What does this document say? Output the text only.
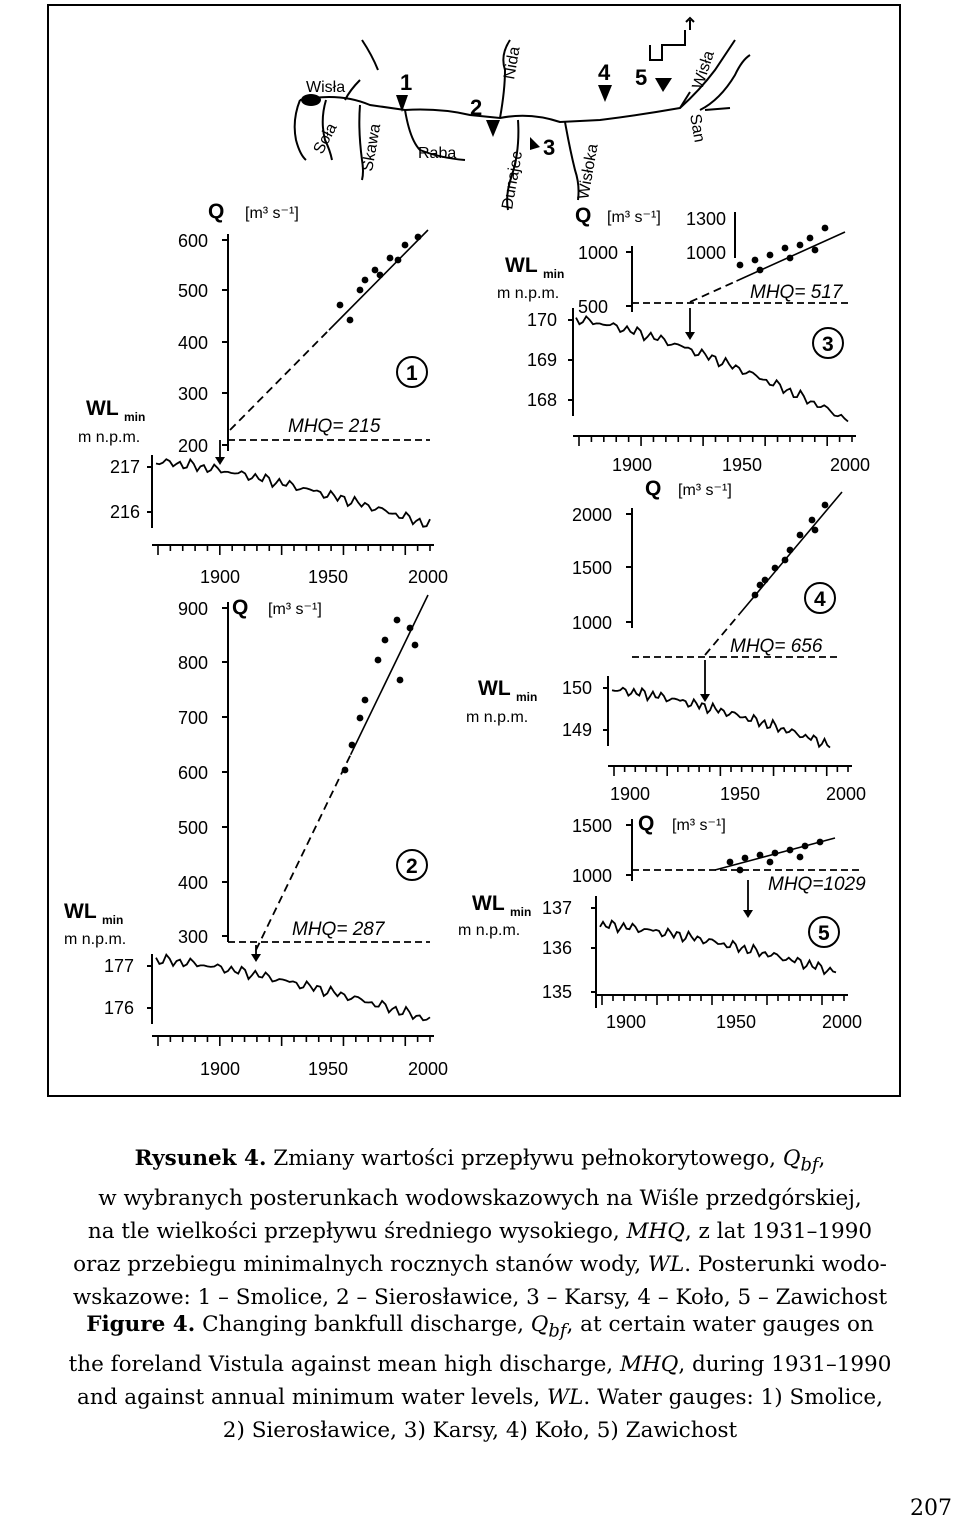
Wisła
Soła Skawa Raba
Nida
Dunajec	Wisłoka
Wisła
San
1
2
3
4 5
600
500
400
300
200
Q [m³ s⁻¹]
WL min
m n.p.m.
217
216
1900	1950	2000
MHQ= 215
1
900
800
700
600
500
400
300
Q [m³ s⁻¹]
WL min
m n.p.m.
177
176
1900	1950	2000
MHQ= 287
2
1000
500
1300
1000
Q [m³ s⁻¹]
WL min
m n.p.m.
170
169
168
1900	1950	2000
MHQ= 517
3
2000
1500
1000
Q [m³ s⁻¹]
WL min
m n.p.m.
150
149
1900	1950	2000
MHQ= 656
4
1500
1000
Q [m³ s⁻¹]
WL min
m n.p.m.
137
136
135
1900	1950	2000
MHQ=1029
5
Rysunek 4. Zmiany wartości przepływu pełnokorytowego, $Q_{bf}$,
w wybranych posterunkach wodowskazowych na Wiśle przedgórskiej,
na tle wielkości przepływu średniego wysokiego, MHQ, z lat 1931–1990
oraz przebiegu minimalnych rocznych stanów wody, WL. Posterunki wodo-
wskazowe: 1 – Smolice, 2 – Sierosławice, 3 – Karsy, 4 – Koło, 5 – Zawichost
Figure 4. Changing bankfull discharge, $Q_{bf}$, at certain water gauges on
the foreland Vistula against mean high discharge, MHQ, during 1931–1990
and against annual minimum water levels, WL. Water gauges: 1) Smolice,
2) Sierosławice, 3) Karsy, 4) Koło, 5) Zawichost
207
